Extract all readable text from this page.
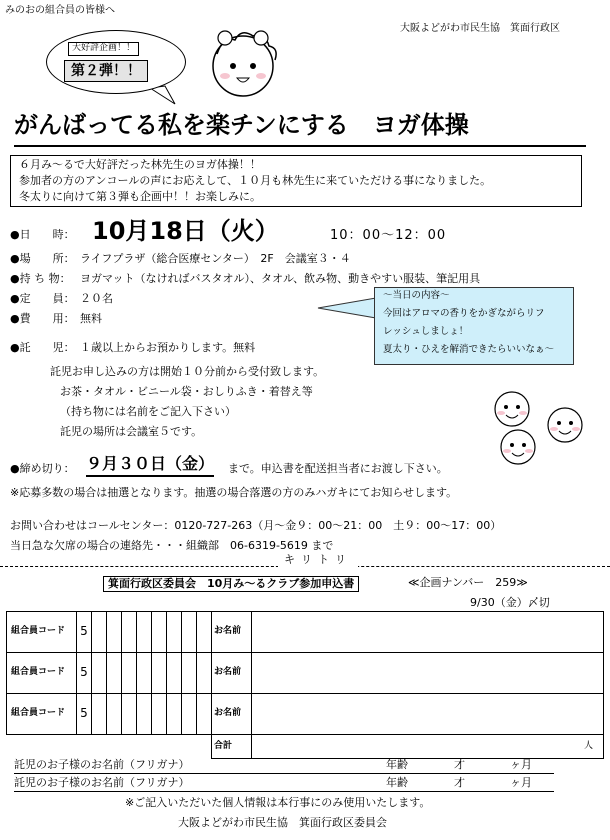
みのおの組合員の皆様へ
大阪よどがわ市民生協　箕面行政区
大好評企画！！
第２弾！！
がんばってる私を楽チンにする　ヨガ体操
６月み～るで大好評だった林先生のヨガ体操！！
参加者の方のアンコールの声にお応えして、１０月も林先生に来ていただける事になりました。
冬太りに向けて第３弾も企画中！！お楽しみに。
●日　　時： 10月18日（火）	10：00～12：00
●場　　所： ライフプラザ（総合医療センター）　2F　会議室３・４
●持 ち 物： ヨガマット（なければバスタオル）、タオル、飲み物、動きやすい服装、筆記用具
●定　　員： ２０名
●費　　用： 無料
●託　　児： １歳以上からお預かりします。無料
～当日の内容～
今回はアロマの香りをかぎながらリフ
レッシュしましょ！
夏太り・ひえを解消できたらいいなぁ～
託児お申し込みの方は開始１０分前から受付致します。
お茶・タオル・ビニール袋・おしりふき・着替え等
（持ち物には名前をご記入下さい）
託児の場所は会議室５です。
●締め切り： ９月３０日（金） まで。申込書を配送担当者にお渡し下さい。
※応募多数の場合は抽選となります。抽選の場合落選の方のみハガキにてお知らせします。
お問い合わせはコールセンター：0120-727-263（月～金９：00～21：00　土９：00～17：00）
当日急な欠席の場合の連絡先・・・組織部　06-6319-5619 まで
キリトリ
箕面行政区委員会　10月み～るクラブ参加申込書	≪企画ナンバー　259≫
9/30（金）〆切
組合員コード	5									お名前	
組合員コード	5									お名前	
組合員コード	5									お名前	
										合計	人
託児のお子様のお名前（フリガナ）	年齢	才	ヶ月
託児のお子様のお名前（フリガナ）	年齢	才	ヶ月
※ご記入いただいた個人情報は本行事にのみ使用いたします。
大阪よどがわ市民生協　箕面行政区委員会
